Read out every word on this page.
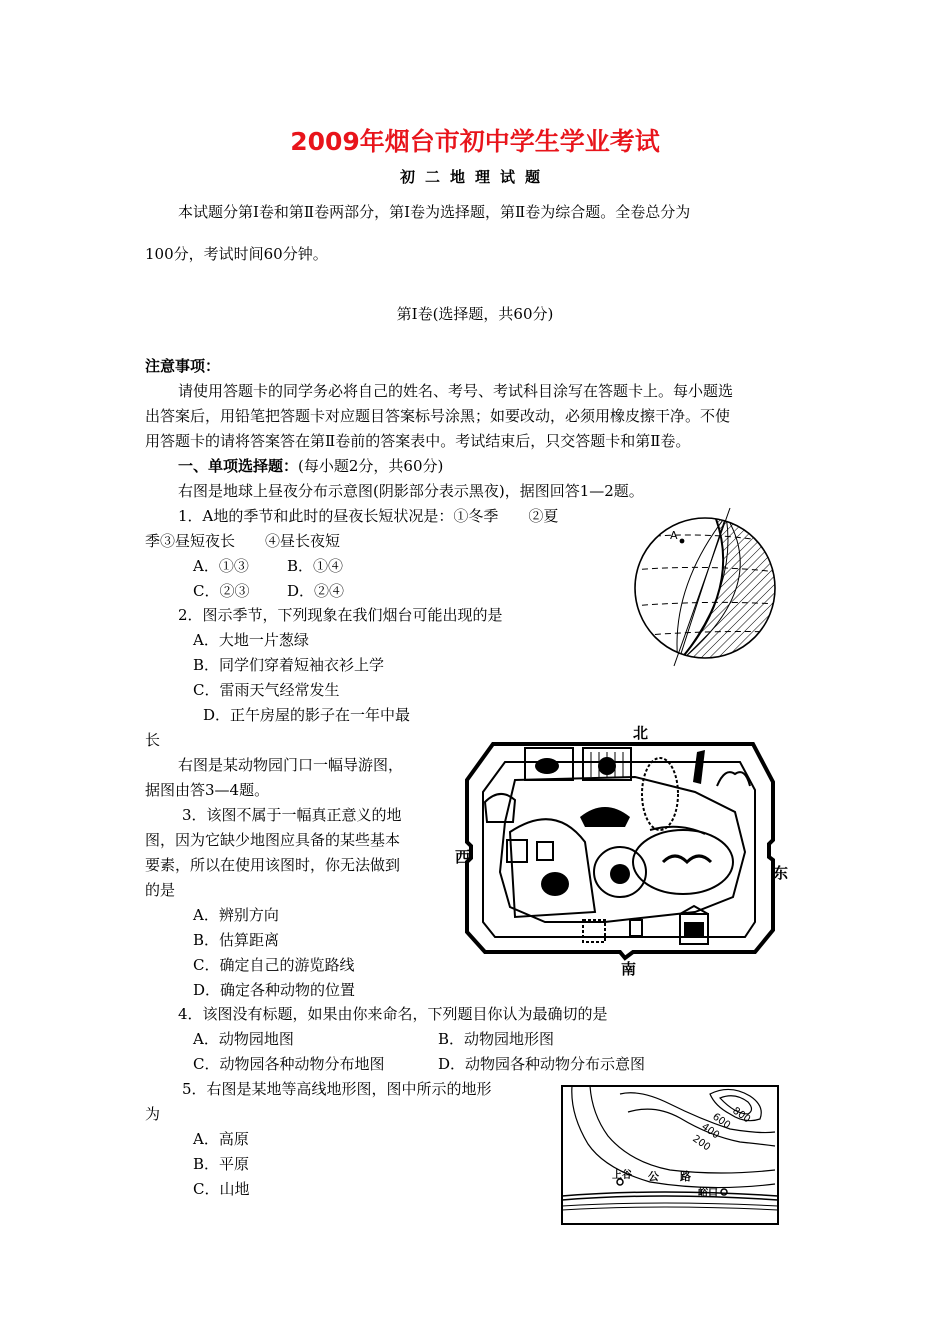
2009年烟台市初中学生学业考试
初二地理试题
本试题分第Ⅰ卷和第Ⅱ卷两部分，第Ⅰ卷为选择题，第Ⅱ卷为综合题。全卷总分为
100分，考试时间60分钟。
第Ⅰ卷(选择题，共60分)
注意事项：
请使用答题卡的同学务必将自己的姓名、考号、考试科目涂写在答题卡上。每小题选
出答案后，用铅笔把答题卡对应题目答案标号涂黑；如要改动，必须用橡皮擦干净。不使
用答题卡的请将答案答在第Ⅱ卷前的答案表中。考试结束后，只交答题卡和第Ⅱ卷。
一、单项选择题：(每小题2分，共60分)
右图是地球上昼夜分布示意图(阴影部分表示黑夜)，据图回答1—2题。
1．A地的季节和此时的昼夜长短状况是：①冬季　　②夏
季③昼短夜长　　④昼长夜短
A．①③	B．①④
C．②③	D．②④
2．图示季节，下列现象在我们烟台可能出现的是
A．大地一片葱绿
B．同学们穿着短袖衣衫上学
C．雷雨天气经常发生
D．正午房屋的影子在一年中最
长
右图是某动物园门口一幅导游图，
据图由答3—4题。
3．该图不属于一幅真正意义的地
图，因为它缺少地图应具备的某些基本
要素，所以在使用该图时，你无法做到
的是
A．辨别方向
B．估算距离
C．确定自己的游览路线
D．确定各种动物的位置
4．该图没有标题，如果由你来命名，下列题目你认为最确切的是
A．动物园地图	B．动物园地形图
C．动物园各种动物分布地图	D．动物园各种动物分布示意图
5．右图是某地等高线地形图，图中所示的地形
为
A．高原
B．平原
C．山地
A
北
西
东
南
800
600
400
200
上谷 公 路
峪口
